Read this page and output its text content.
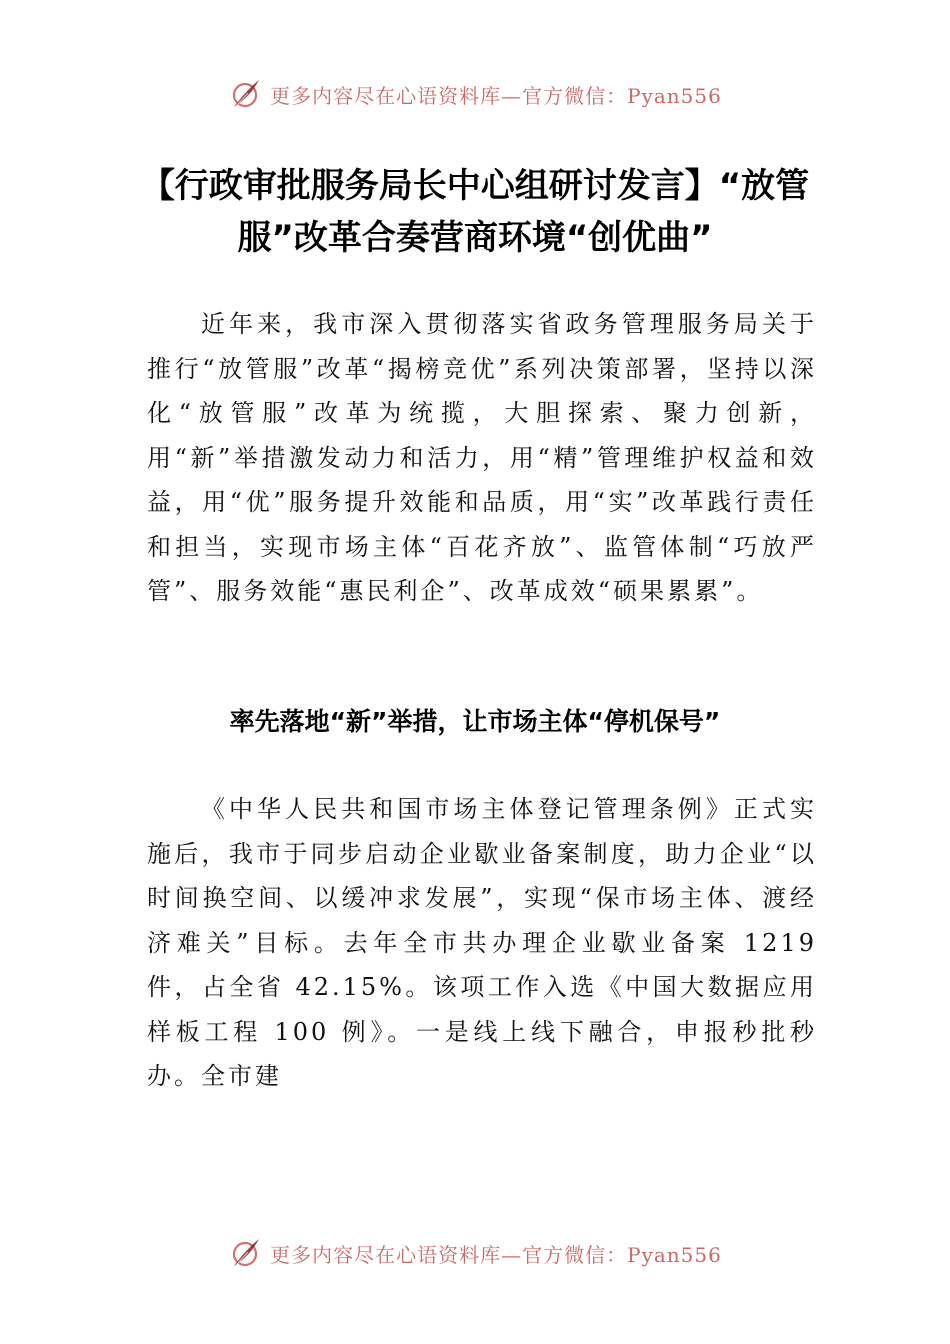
更多内容尽在心语资料库—官方微信：Pyan556
【行政审批服务局长中心组研讨发言】“放管服”改革合奏营商环境“创优曲”

近年来，我市深入贯彻落实省政务管理服务局关于推行“放管服”改革“揭榜竞优”系列决策部署，坚持以深化“放管服”改革为统揽，大胆探索、聚力创新，用“新”举措激发动力和活力，用“精”管理维护权益和效益，用“优”服务提升效能和品质，用“实”改革践行责任和担当，实现市场主体“百花齐放”、监管体制“巧放严管”、服务效能“惠民利企”、改革成效“硕果累累”。

率先落地“新”举措，让市场主体“停机保号”

《中华人民共和国市场主体登记管理条例》正式实施后，我市于同步启动企业歇业备案制度，助力企业“以时间换空间、以缓冲求发展”，实现“保市场主体、渡经济难关”目标。去年全市共办理企业歇业备案 1219 件，占全省 42.15%。该项工作入选《中国大数据应用样板工程 100 例》。一是线上线下融合，申报秒批秒办。全市建

更多内容尽在心语资料库—官方微信：Pyan556
